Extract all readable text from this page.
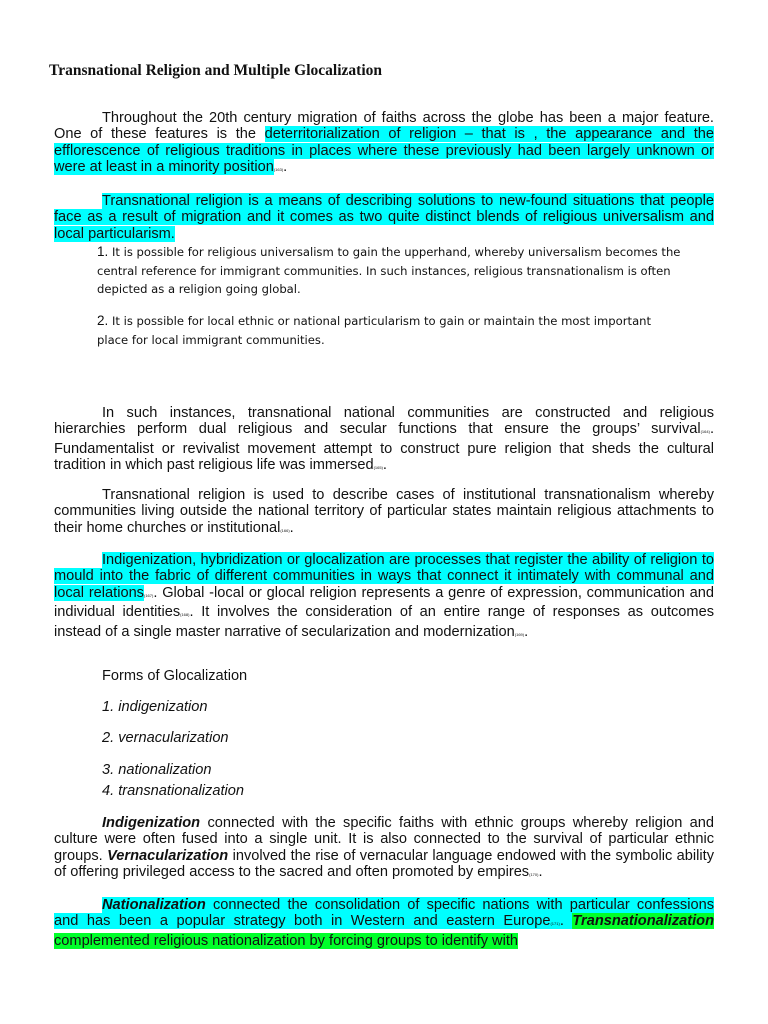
Transnational Religion and Multiple Glocalization

Throughout the 20th century migration of faiths across the globe has been a major feature. One of these features is the deterritorialization of religion – that is , the appearance and the efflorescence of religious traditions in places where these previously had been largely unknown or were at least in a minority position(163).

Transnational religion is a means of describing solutions to new-found situations that people face as a result of migration and it comes as two quite distinct blends of religious universalism and local particularism.

1. It is possible for religious universalism to gain the upperhand, whereby universalism becomes the central reference for immigrant communities. In such instances, religious transnationalism is often depicted as a religion going global.
2. It is possible for local ethnic or national particularism to gain or maintain the most important place for local immigrant communities.

In such instances, transnational national communities are constructed and religious hierarchies perform dual religious and secular functions that ensure the groups’ survival(164). Fundamentalist or revivalist movement attempt to construct pure religion that sheds the cultural tradition in which past religious life was immersed(165).

Transnational religion is used to describe cases of institutional transnationalism whereby communities living outside the national territory of particular states maintain religious attachments to their home churches or institutional(166).

Indigenization, hybridization or glocalization are processes that register the ability of religion to mould into the fabric of different communities in ways that connect it intimately with communal and local relations(167). Global -local or glocal religion represents a genre of expression, communication and individual identities(168). It involves the consideration of an entire range of responses as outcomes instead of a single master narrative of secularization and modernization(169).

Forms of Glocalization
1. indigenization
2. vernacularization
3. nationalization
4. transnationalization

Indigenization connected with the specific faiths with ethnic groups whereby religion and culture were often fused into a single unit. It is also connected to the survival of particular ethnic groups. Vernacularization involved the rise of vernacular language endowed with the symbolic ability of offering privileged access to the sacred and often promoted by empires(170).

Nationalization connected the consolidation of specific nations with particular confessions and has been a popular strategy both in Western and eastern Europe(171). Transnationalization complemented religious nationalization by forcing groups to identify with
